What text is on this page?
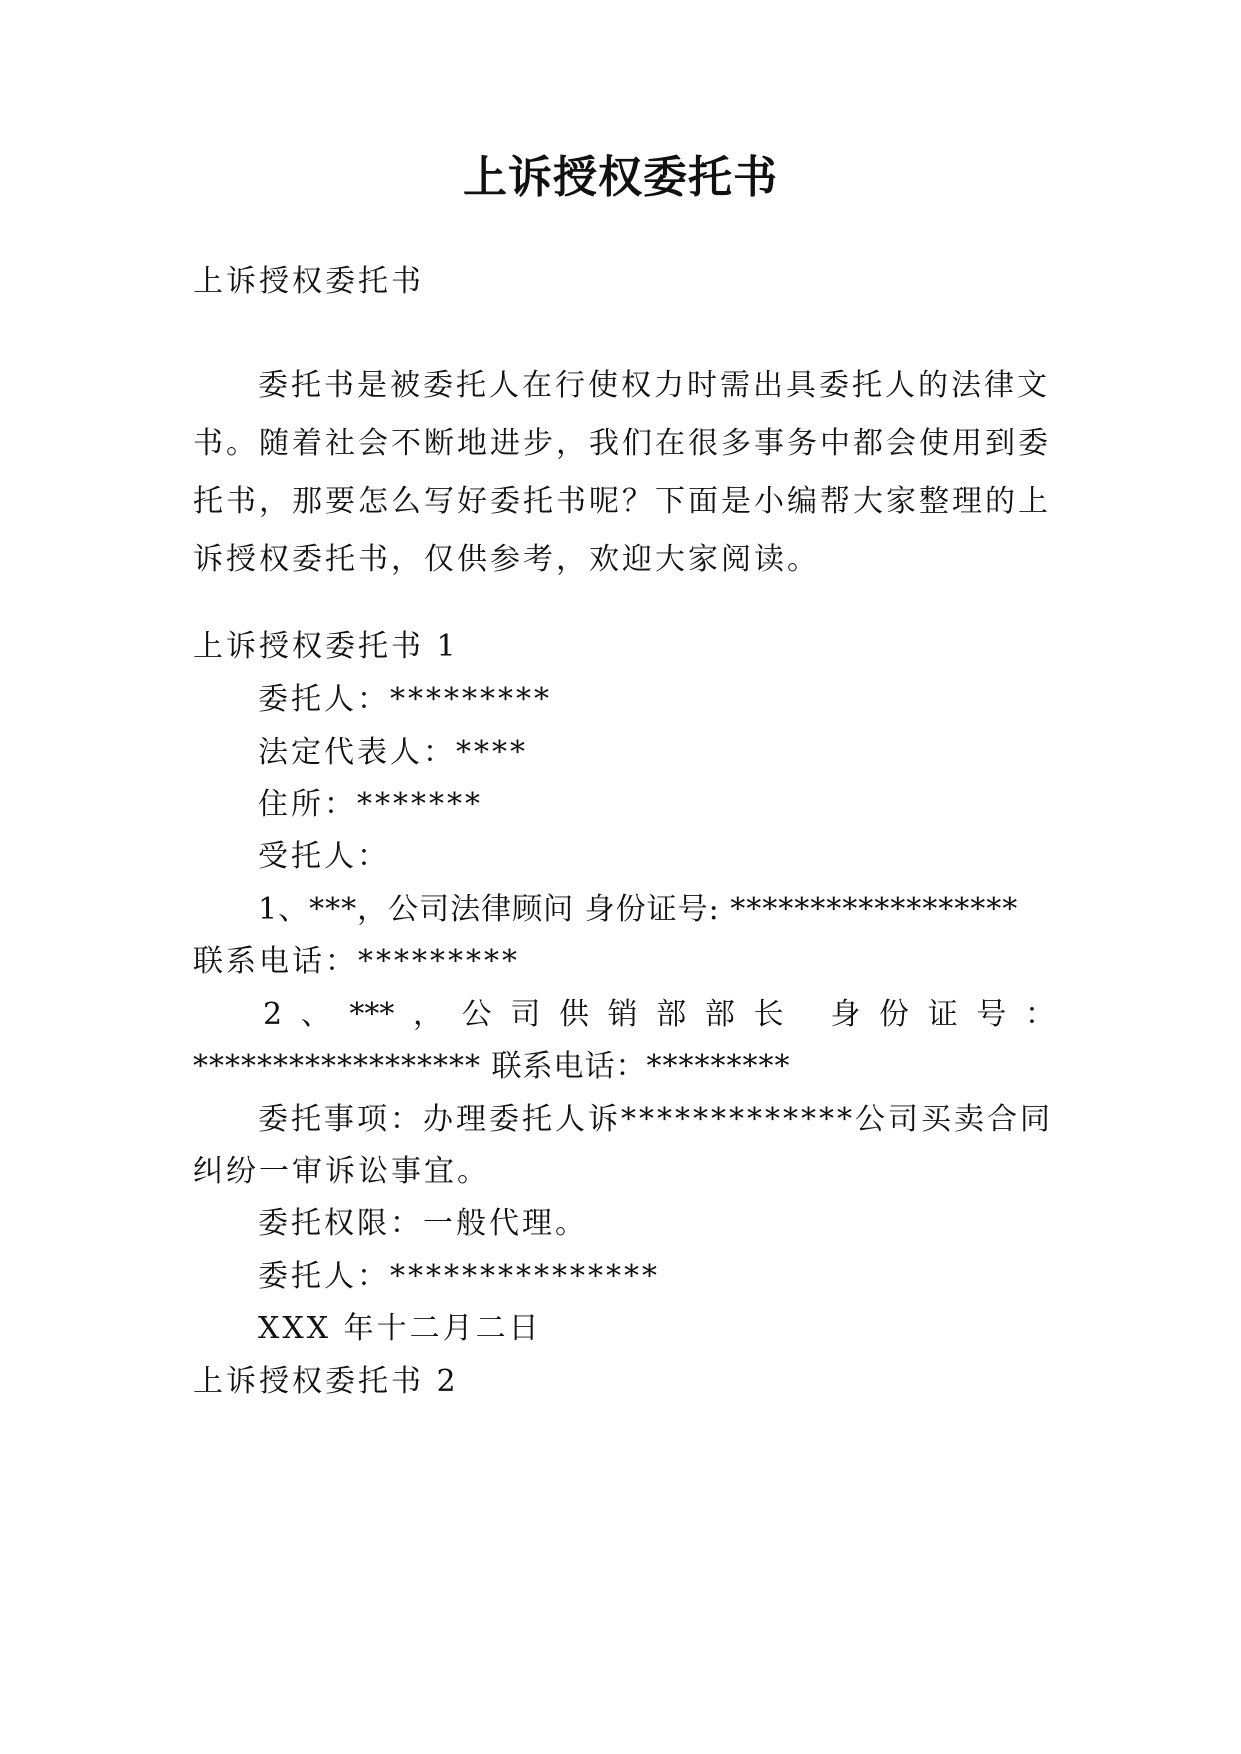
上诉授权委托书
上诉授权委托书
委托书是被委托人在行使权力时需出具委托人的法律文书。随着社会不断地进步，我们在很多事务中都会使用到委托书，那要怎么写好委托书呢？下面是小编帮大家整理的上诉授权委托书，仅供参考，欢迎大家阅读。
上诉授权委托书 1
委托人：*********
法定代表人：****
住所：*******
受托人：
1、***，公司法律顾问 身份证号: ******************
联系电话：*********
2、***，公司供销部部长 身份证号：
****************** 联系电话：*********
委托事项：办理委托人诉*************公司买卖合同
纠纷一审诉讼事宜。
委托权限：一般代理。
委托人：***************
XXX 年十二月二日
上诉授权委托书 2
